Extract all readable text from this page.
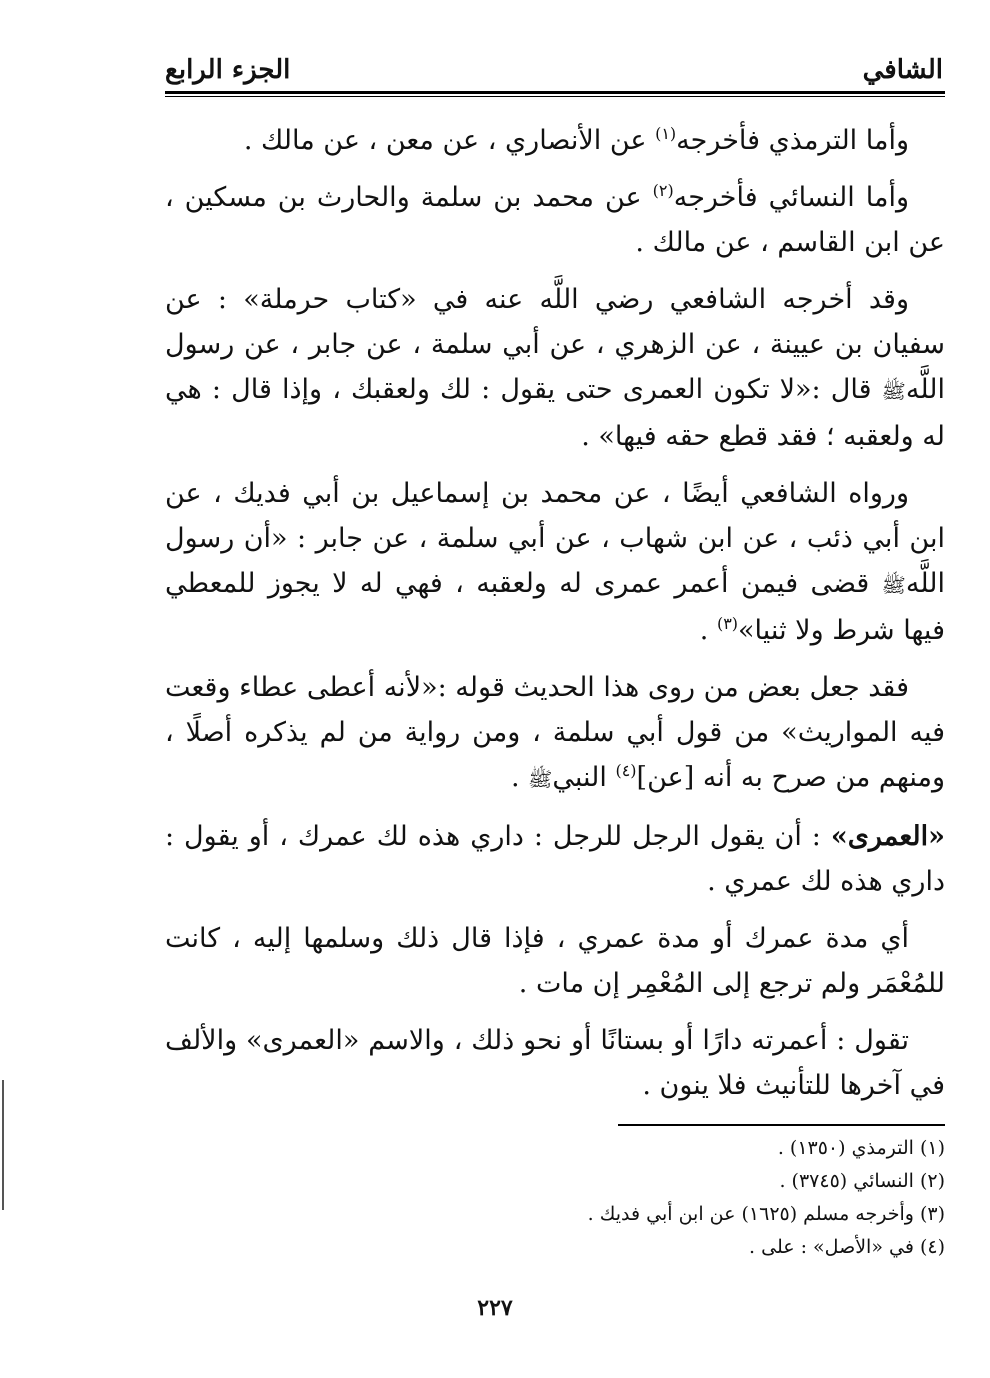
الشافي
الجزء الرابع

وأما الترمذي فأخرجه$^{(١)}$ عن الأنصاري ، عن معن ، عن مالك .

وأما النسائي فأخرجه$^{(٢)}$ عن محمد بن سلمة والحارث بن مسكين ، عن ابن القاسم ، عن مالك .

وقد أخرجه الشافعي رضي اللَّه عنه في «كتاب حرملة» : عن سفيان بن عيينة ، عن الزهري ، عن أبي سلمة ، عن جابر ، عن رسول اللَّهﷺ قال :«لا تكون العمرى حتى يقول : لك ولعقبك ، وإذا قال : هي له ولعقبه ؛ فقد قطع حقه فيها» .

ورواه الشافعي أيضًا ، عن محمد بن إسماعيل بن أبي فديك ، عن ابن أبي ذئب ، عن ابن شهاب ، عن أبي سلمة ، عن جابر : «أن رسول اللَّهﷺ قضى فيمن أعمر عمرى له ولعقبه ، فهي له لا يجوز للمعطي فيها شرط ولا ثنيا»$^{(٣)}$ .

فقد جعل بعض من روى هذا الحديث قوله :«لأنه أعطى عطاء وقعت فيه المواريث» من قول أبي سلمة ، ومن رواية من لم يذكره أصلًا ، ومنهم من صرح به أنه [عن]$^{(٤)}$ النبيﷺ .

«العمرى» : أن يقول الرجل للرجل : داري هذه لك عمرك ، أو يقول : داري هذه لك عمري .

أي مدة عمرك أو مدة عمري ، فإذا قال ذلك وسلمها إليه ، كانت للمُعْمَر ولم ترجع إلى المُعْمِر إن مات .

تقول : أعمرته دارًا أو بستانًا أو نحو ذلك ، والاسم «العمرى» والألف في آخرها للتأنيث فلا ينون .

(١) الترمذي (١٣٥٠) .
(٢) النسائي (٣٧٤٥) .
(٣) وأخرجه مسلم (١٦٢٥) عن ابن أبي فديك .
(٤) في «الأصل» : على .
٢٢٧
